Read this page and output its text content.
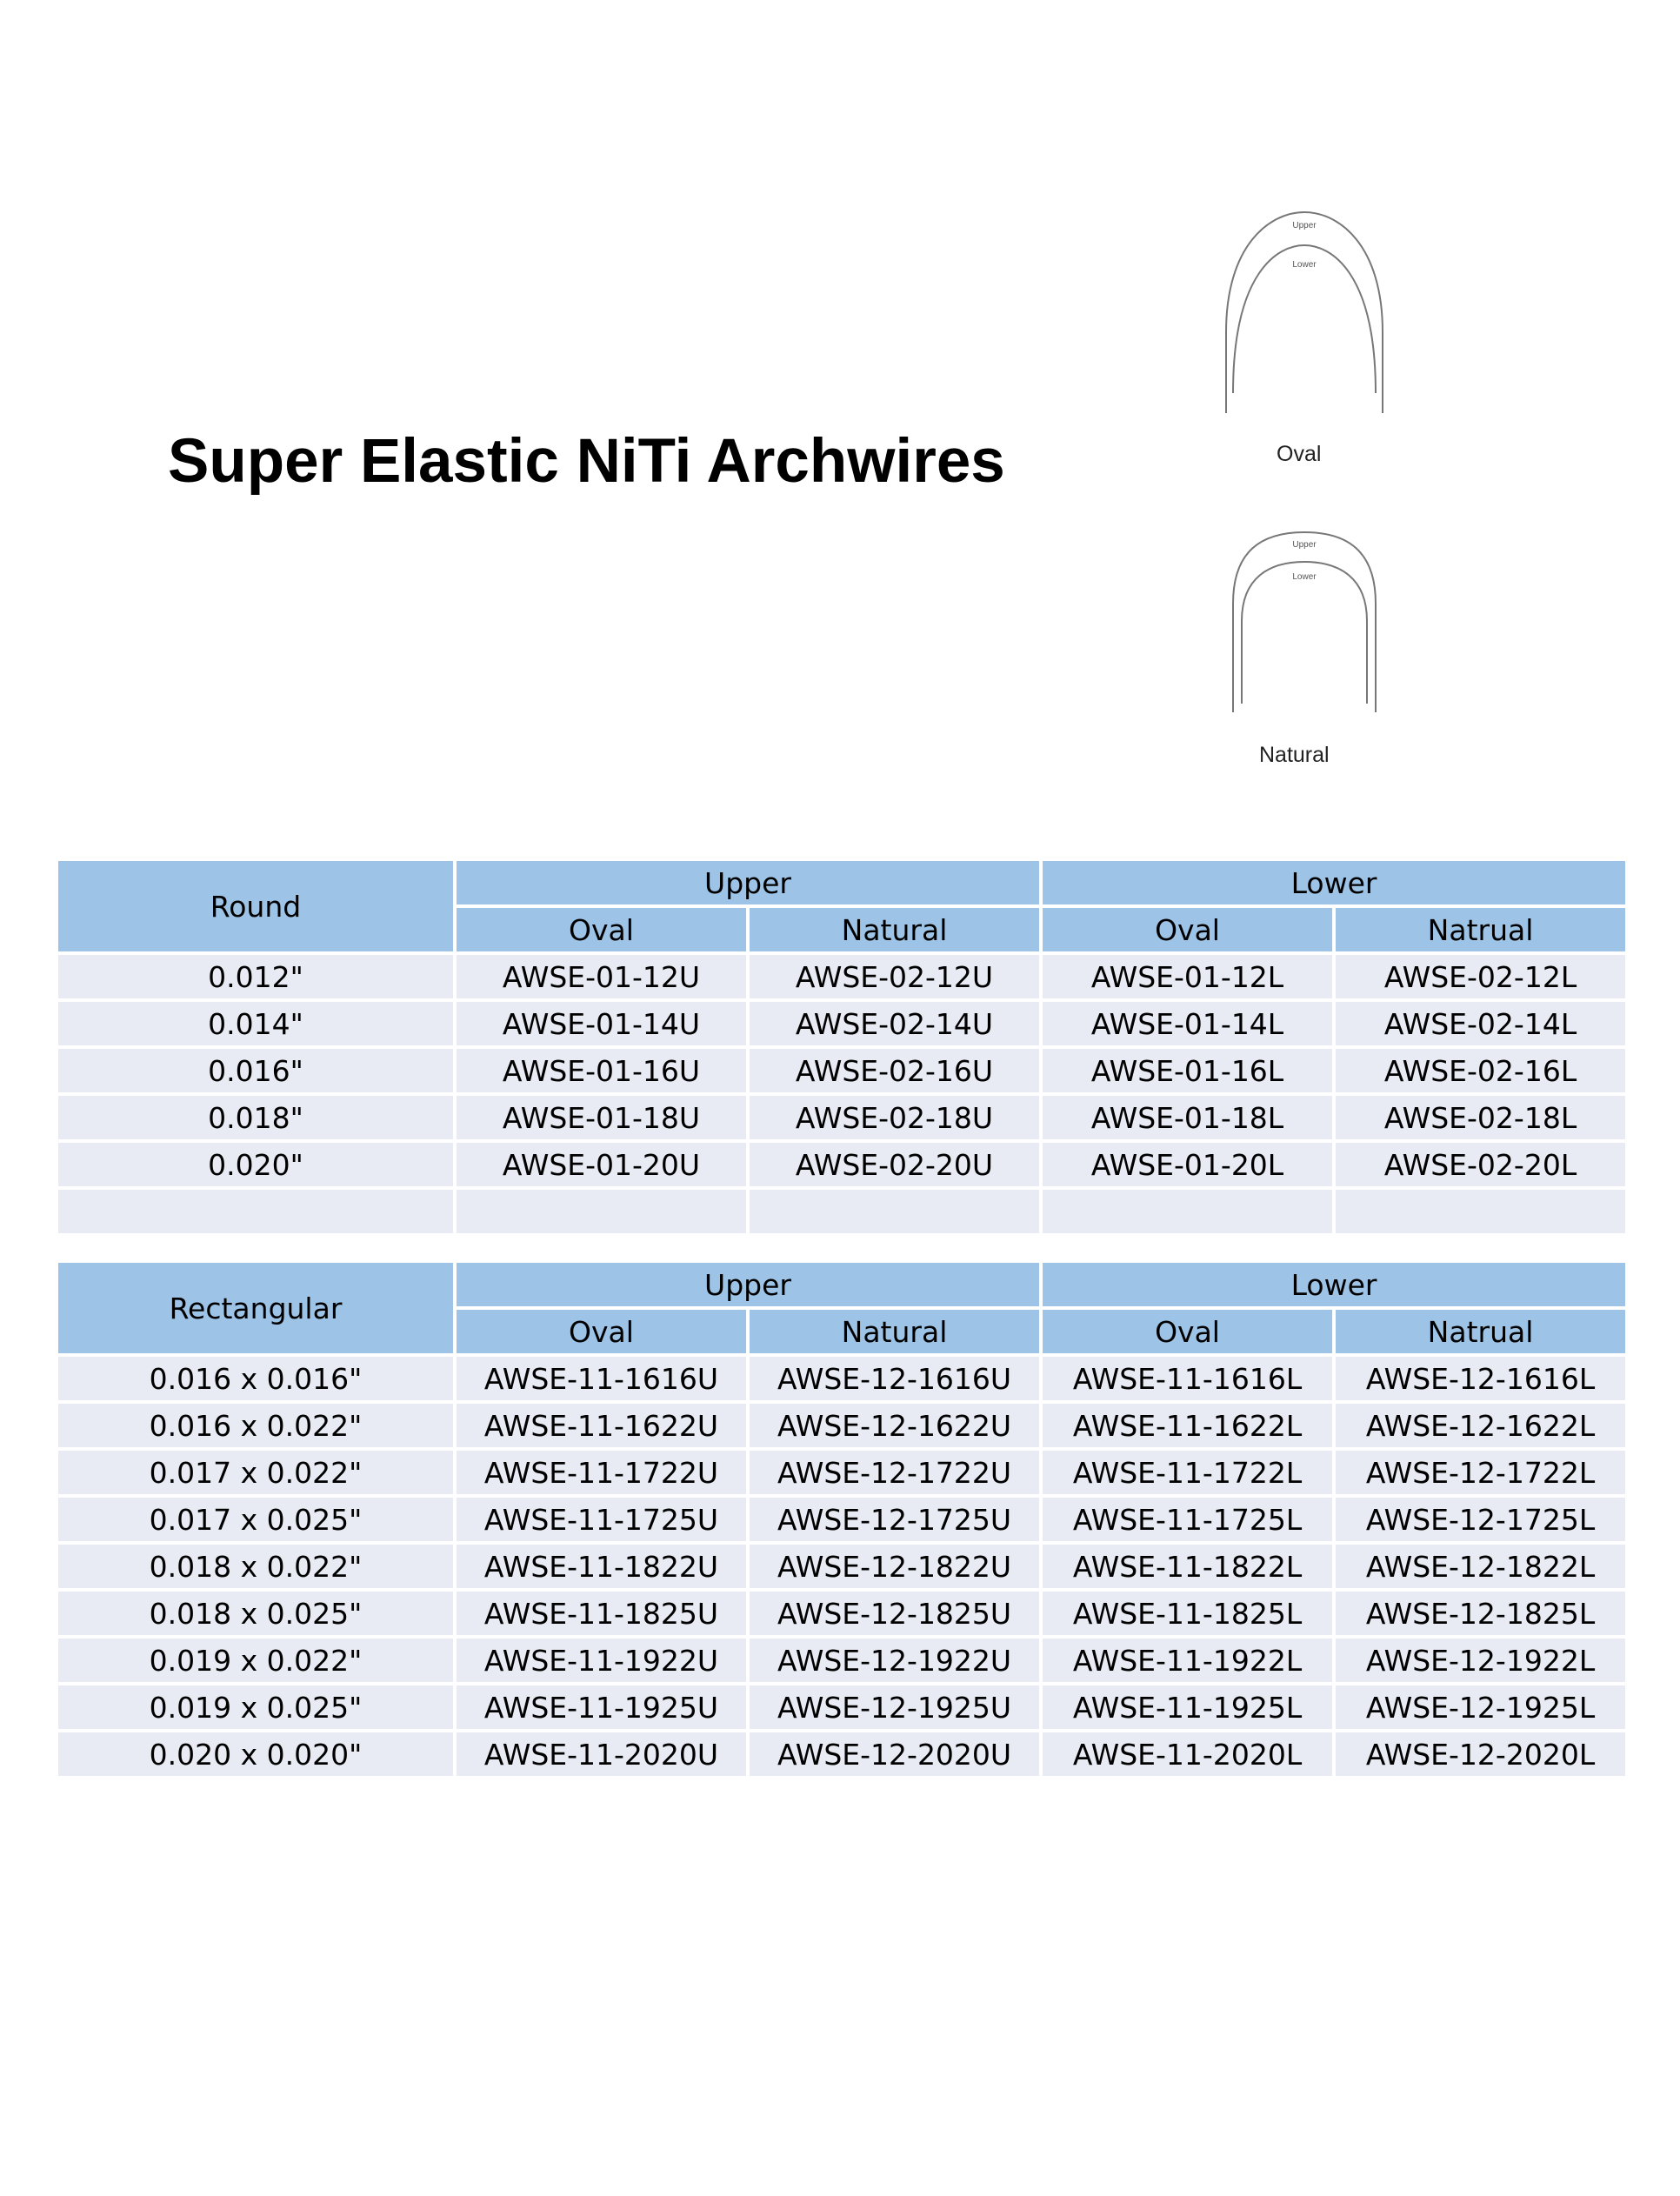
Super Elastic NiTi Archwires
Upper
Lower
Oval
Upper
Lower
Natural
Round	Upper		Lower	
	Oval	Natural	Oval	Natrual
0.012"	AWSE-01-12U	AWSE-02-12U	AWSE-01-12L	AWSE-02-12L
0.014"	AWSE-01-14U	AWSE-02-14U	AWSE-01-14L	AWSE-02-14L
0.016"	AWSE-01-16U	AWSE-02-16U	AWSE-01-16L	AWSE-02-16L
0.018"	AWSE-01-18U	AWSE-02-18U	AWSE-01-18L	AWSE-02-18L
0.020"	AWSE-01-20U	AWSE-02-20U	AWSE-01-20L	AWSE-02-20L

Rectangular	Upper		Lower	
	Oval	Natural	Oval	Natrual
0.016 x 0.016"	AWSE-11-1616U	AWSE-12-1616U	AWSE-11-1616L	AWSE-12-1616L
0.016 x 0.022"	AWSE-11-1622U	AWSE-12-1622U	AWSE-11-1622L	AWSE-12-1622L
0.017 x 0.022"	AWSE-11-1722U	AWSE-12-1722U	AWSE-11-1722L	AWSE-12-1722L
0.017 x 0.025"	AWSE-11-1725U	AWSE-12-1725U	AWSE-11-1725L	AWSE-12-1725L
0.018 x 0.022"	AWSE-11-1822U	AWSE-12-1822U	AWSE-11-1822L	AWSE-12-1822L
0.018 x 0.025"	AWSE-11-1825U	AWSE-12-1825U	AWSE-11-1825L	AWSE-12-1825L
0.019 x 0.022"	AWSE-11-1922U	AWSE-12-1922U	AWSE-11-1922L	AWSE-12-1922L
0.019 x 0.025"	AWSE-11-1925U	AWSE-12-1925U	AWSE-11-1925L	AWSE-12-1925L
0.020 x 0.020"	AWSE-11-2020U	AWSE-12-2020U	AWSE-11-2020L	AWSE-12-2020L
